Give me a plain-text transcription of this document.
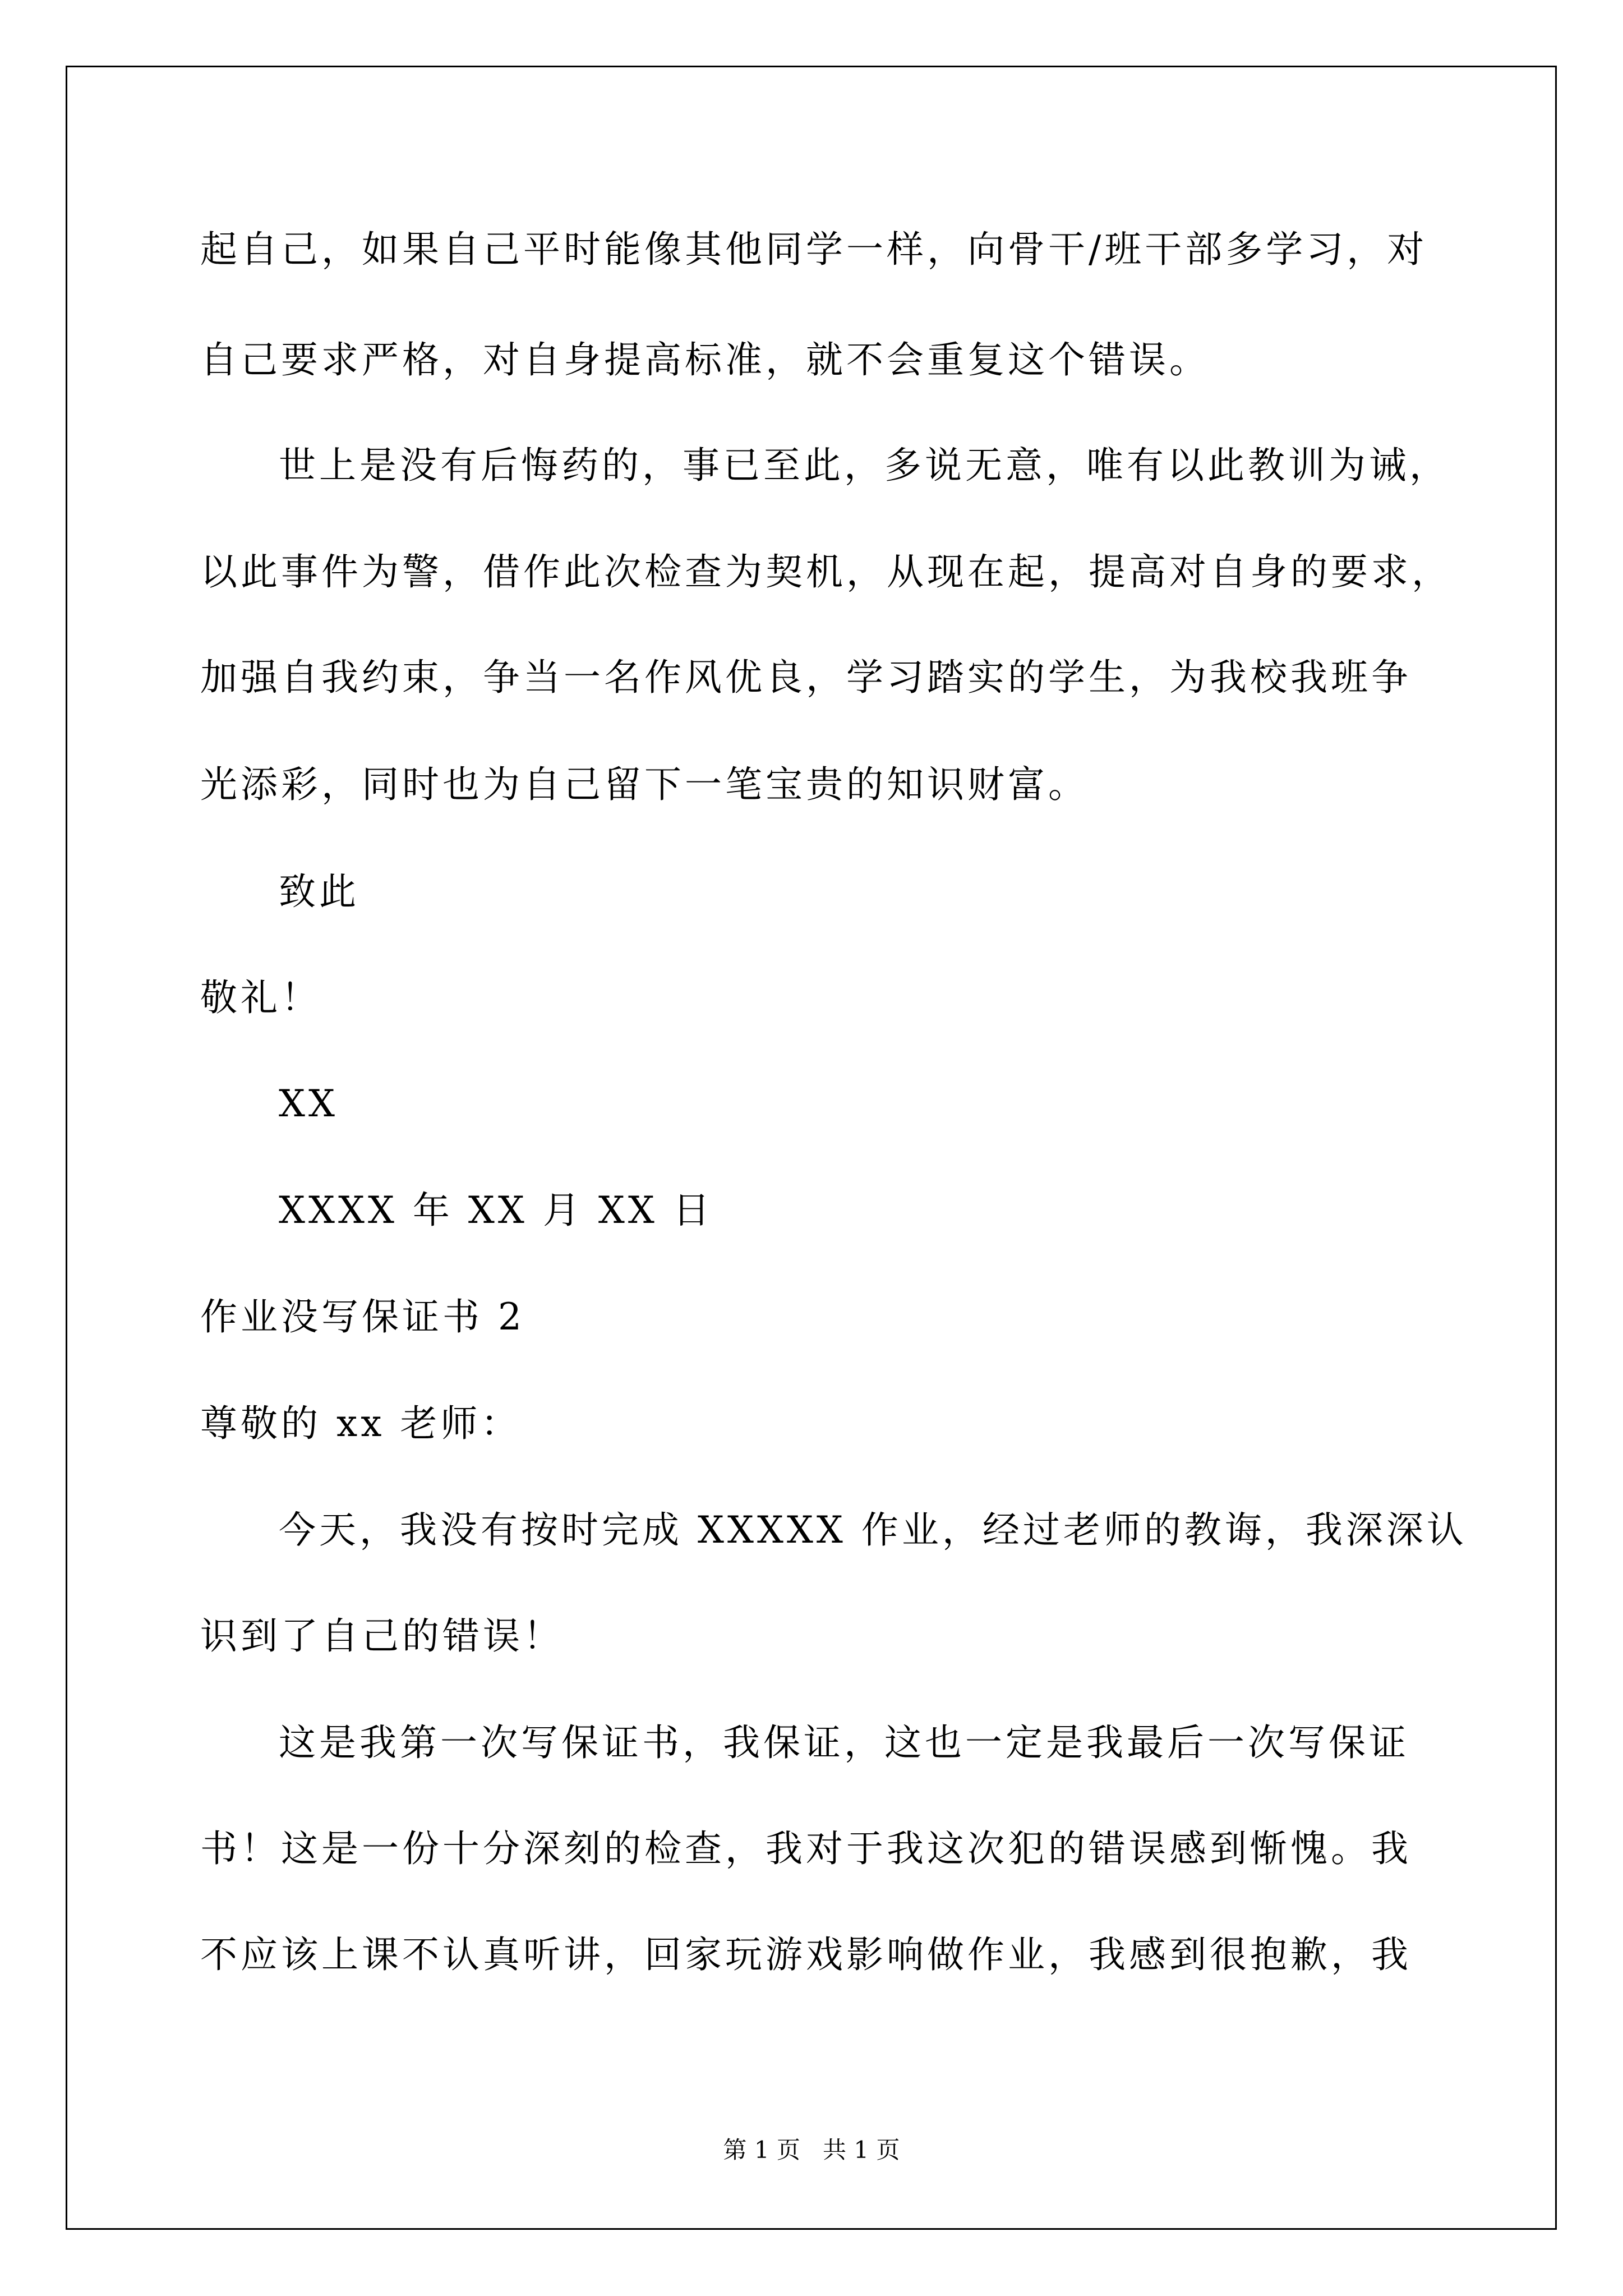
起自己，如果自己平时能像其他同学一样，向骨干/班干部多学习，对
自己要求严格，对自身提高标准，就不会重复这个错误。
世上是没有后悔药的，事已至此，多说无意，唯有以此教训为诫，
以此事件为警，借作此次检查为契机，从现在起，提高对自身的要求，
加强自我约束，争当一名作风优良，学习踏实的学生，为我校我班争
光添彩，同时也为自己留下一笔宝贵的知识财富。
致此
敬礼！
XX
XXXX 年 XX 月 XX 日
作业没写保证书 2
尊敬的 xx 老师：
今天，我没有按时完成 XXXXX 作业，经过老师的教诲，我深深认
识到了自己的错误！
这是我第一次写保证书，我保证，这也一定是我最后一次写保证
书！这是一份十分深刻的检查，我对于我这次犯的错误感到惭愧。我
不应该上课不认真听讲，回家玩游戏影响做作业，我感到很抱歉，我
第 1 页   共 1 页
